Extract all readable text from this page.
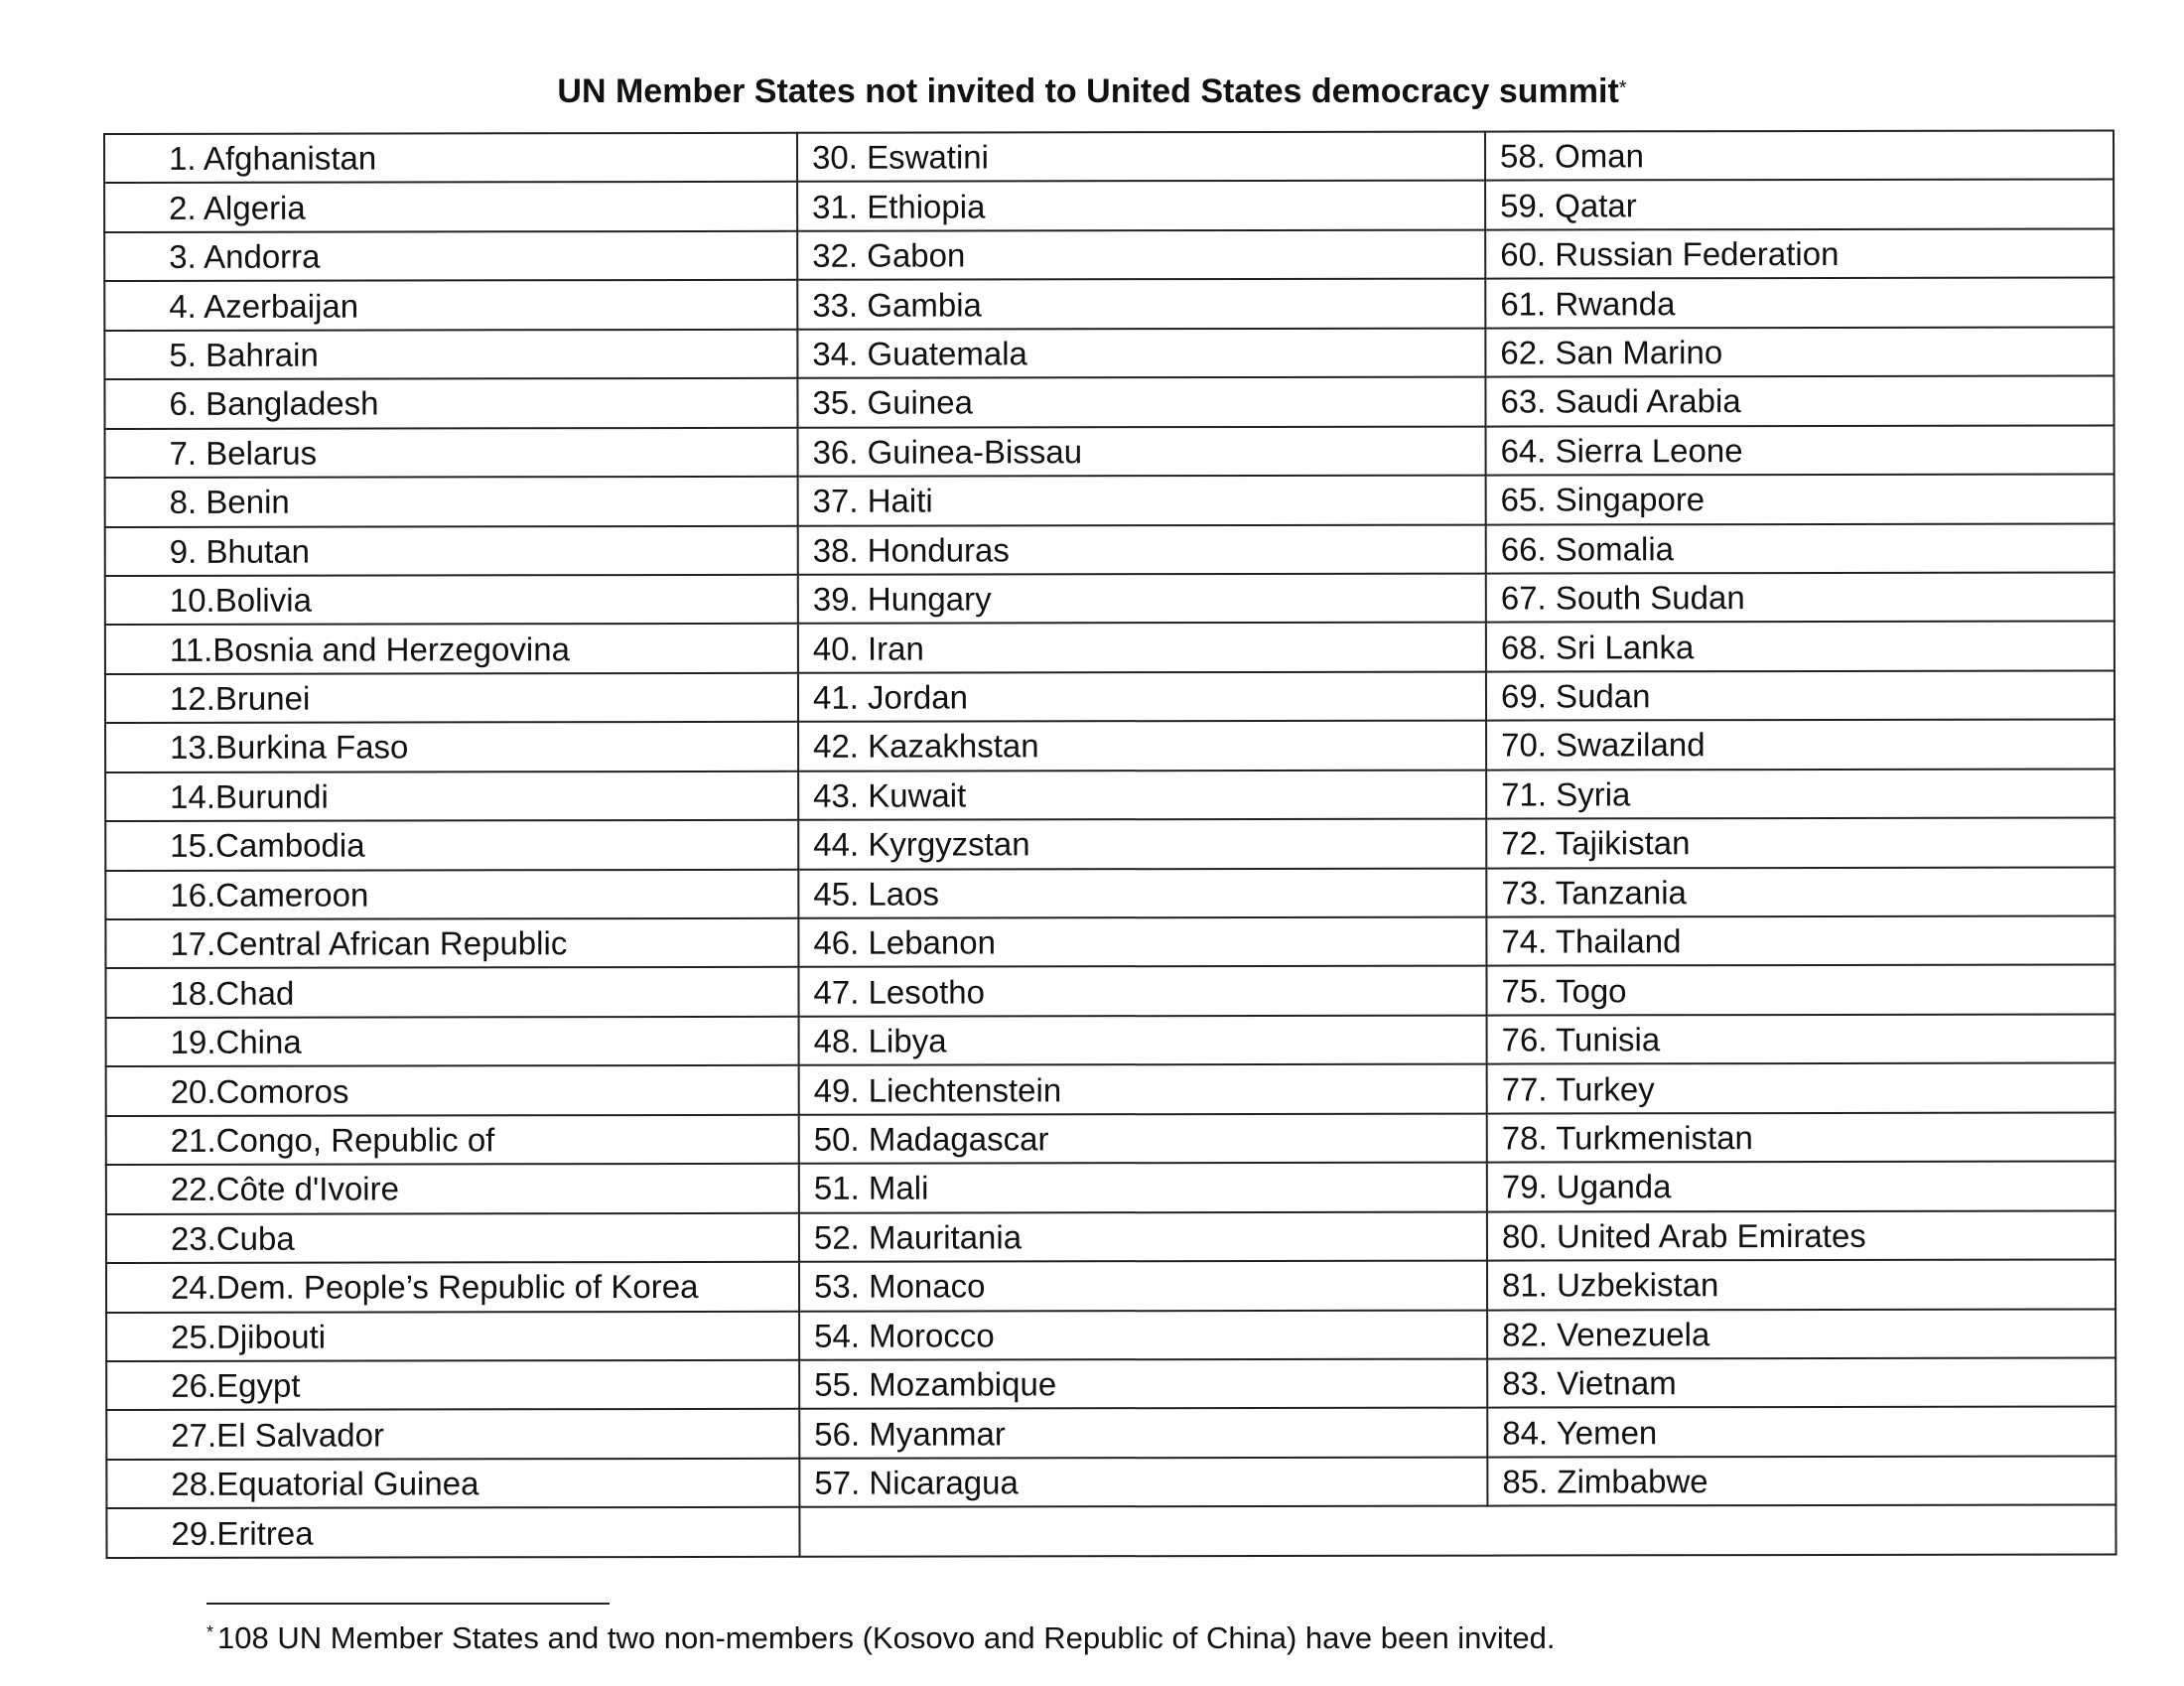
UN Member States not invited to United States democracy summit*
1. Afghanistan	30. Eswatini	58. Oman
2. Algeria	31. Ethiopia	59. Qatar
3. Andorra	32. Gabon	60. Russian Federation
4. Azerbaijan	33. Gambia	61. Rwanda
5. Bahrain	34. Guatemala	62. San Marino
6. Bangladesh	35. Guinea	63. Saudi Arabia
7. Belarus	36. Guinea-Bissau	64. Sierra Leone
8. Benin	37. Haiti	65. Singapore
9. Bhutan	38. Honduras	66. Somalia
10.Bolivia	39. Hungary	67. South Sudan
11.Bosnia and Herzegovina	40. Iran	68. Sri Lanka
12.Brunei	41. Jordan	69. Sudan
13.Burkina Faso	42. Kazakhstan	70. Swaziland
14.Burundi	43. Kuwait	71. Syria
15.Cambodia	44. Kyrgyzstan	72. Tajikistan
16.Cameroon	45. Laos	73. Tanzania
17.Central African Republic	46. Lebanon	74. Thailand
18.Chad	47. Lesotho	75. Togo
19.China	48. Libya	76. Tunisia
20.Comoros	49. Liechtenstein	77. Turkey
21.Congo, Republic of	50. Madagascar	78. Turkmenistan
22.Côte d'Ivoire	51. Mali	79. Uganda
23.Cuba	52. Mauritania	80. United Arab Emirates
24.Dem. People’s Republic of Korea	53. Monaco	81. Uzbekistan
25.Djibouti	54. Morocco	82. Venezuela
26.Egypt	55. Mozambique	83. Vietnam
27.El Salvador	56. Myanmar	84. Yemen
28.Equatorial Guinea	57. Nicaragua	85. Zimbabwe
29.Eritrea		
* 108 UN Member States and two non-members (Kosovo and Republic of China) have been invited.
